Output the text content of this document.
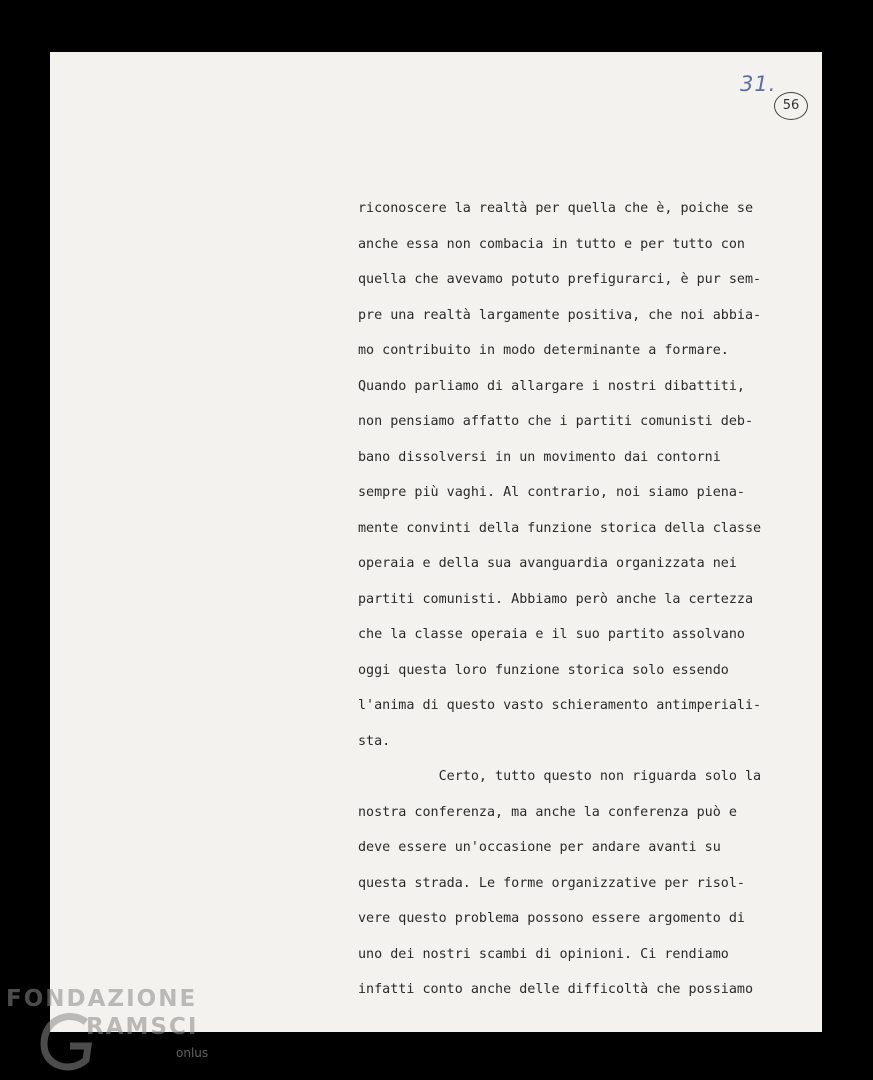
31.
56
riconoscere la realtà per quella che è, poiche se
anche essa non combacia in tutto e per tutto con
quella che avevamo potuto prefigurarci, è pur sem-
pre una realtà largamente positiva, che noi abbia-
mo contribuito in modo determinante a formare.
Quando parliamo di allargare i nostri dibattiti,
non pensiamo affatto che i partiti comunisti deb-
bano dissolversi in un movimento dai contorni
sempre più vaghi. Al contrario, noi siamo piena-
mente convinti della funzione storica della classe
operaia e della sua avanguardia organizzata nei
partiti comunisti. Abbiamo però anche la certezza
che la classe operaia e il suo partito assolvano
oggi questa loro funzione storica solo essendo
l'anima di questo vasto schieramento antimperiali-
sta.
Certo, tutto questo non riguarda solo la
nostra conferenza, ma anche la conferenza può e
deve essere un'occasione per andare avanti su
questa strada. Le forme organizzative per risol-
vere questo problema possono essere argomento di
uno dei nostri scambi di opinioni. Ci rendiamo
infatti conto anche delle difficoltà che possiamo
FONDAZIONE
RAMSCI
onlus
